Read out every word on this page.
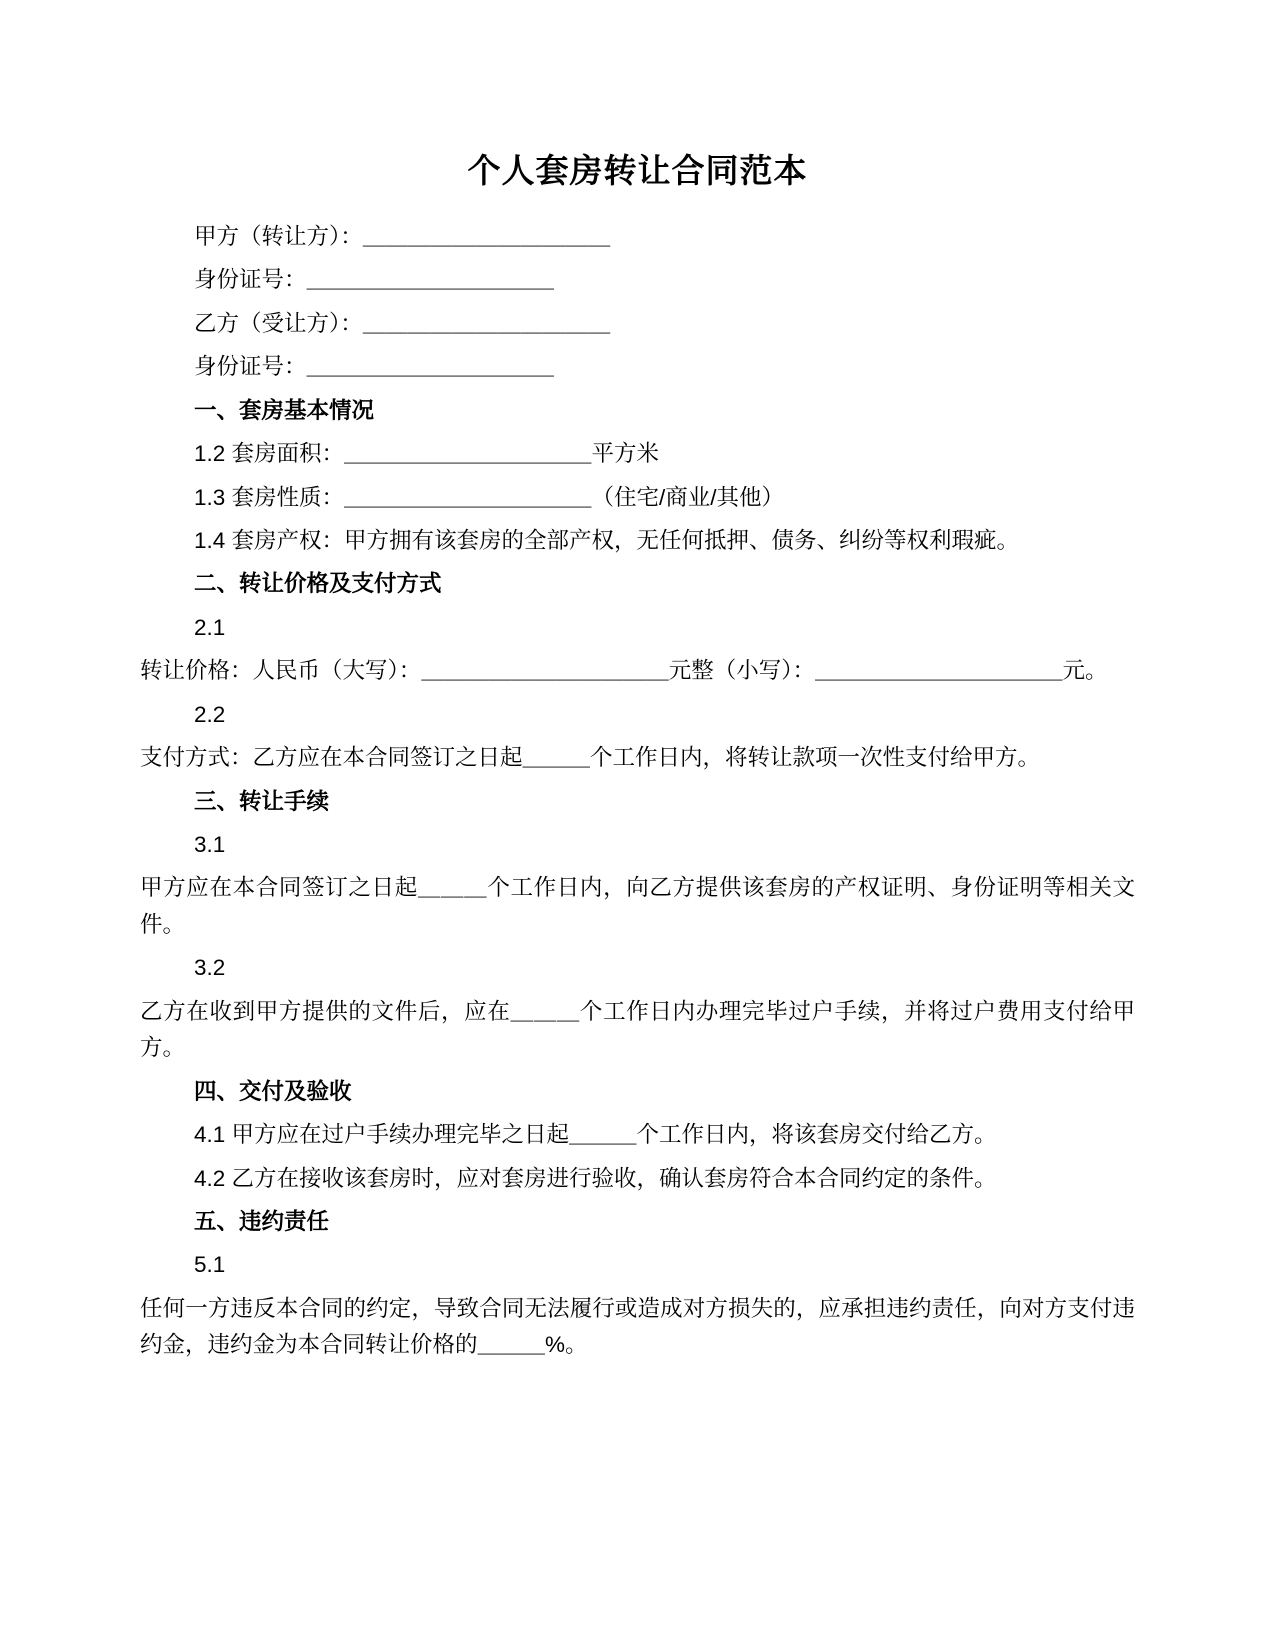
个人套房转让合同范本

甲方（转让方）：＿＿＿＿＿＿＿＿＿＿＿

身份证号：＿＿＿＿＿＿＿＿＿＿＿

乙方（受让方）：＿＿＿＿＿＿＿＿＿＿＿

身份证号：＿＿＿＿＿＿＿＿＿＿＿

一、套房基本情况

1.2 套房面积：＿＿＿＿＿＿＿＿＿＿＿平方米

1.3 套房性质：＿＿＿＿＿＿＿＿＿＿＿（住宅/商业/其他）

1.4 套房产权：甲方拥有该套房的全部产权，无任何抵押、债务、纠纷等权利瑕疵。

二、转让价格及支付方式

2.1

转让价格：人民币（大写）：＿＿＿＿＿＿＿＿＿＿＿元整（小写）：＿＿＿＿＿＿＿＿＿＿＿元。

2.2

支付方式：乙方应在本合同签订之日起＿＿＿个工作日内，将转让款项一次性支付给甲方。

三、转让手续

3.1

甲方应在本合同签订之日起＿＿＿个工作日内，向乙方提供该套房的产权证明、身份证明等相关文件。

3.2

乙方在收到甲方提供的文件后，应在＿＿＿个工作日内办理完毕过户手续，并将过户费用支付给甲方。

四、交付及验收

4.1 甲方应在过户手续办理完毕之日起＿＿＿个工作日内，将该套房交付给乙方。

4.2 乙方在接收该套房时，应对套房进行验收，确认套房符合本合同约定的条件。

五、违约责任

5.1

任何一方违反本合同的约定，导致合同无法履行或造成对方损失的，应承担违约责任，向对方支付违约金，违约金为本合同转让价格的＿＿＿%。
